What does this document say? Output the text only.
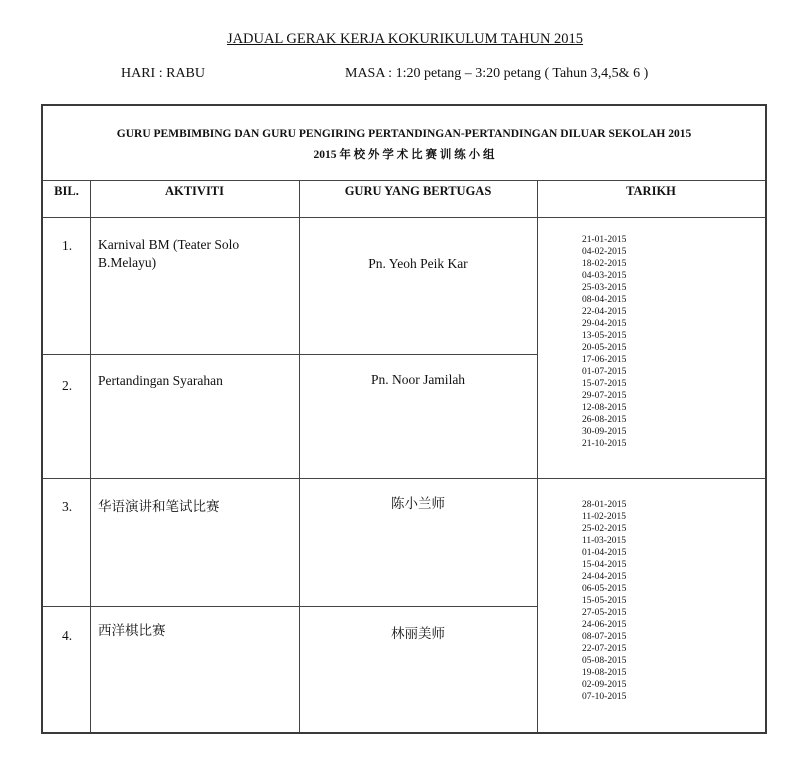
JADUAL GERAK KERJA KOKURIKULUM TAHUN 2015
HARI : RABU	MASA : 1:20 petang – 3:20 petang ( Tahun 3,4,5& 6 )
GURU PEMBIMBING DAN GURU PENGIRING PERTANDINGAN-PERTANDINGAN DILUAR SEKOLAH 2015
2015 年 校 外 学 术 比 赛 训 练 小 组
BIL.	AKTIVITI	GURU YANG BERTUGAS	TARIKH
1. Karnival BM (Teater Solo
B.Melayu)	Pn. Yeoh Peik Kar
2. Pertandingan Syarahan	Pn. Noor Jamilah
3. 华语演讲和笔试比赛	陈小兰师
4. 西洋棋比赛	林丽美师
21-01-2015
04-02-2015
18-02-2015
04-03-2015
25-03-2015
08-04-2015
22-04-2015
29-04-2015
13-05-2015
20-05-2015
17-06-2015
01-07-2015
15-07-2015
29-07-2015
12-08-2015
26-08-2015
30-09-2015
21-10-2015
28-01-2015
11-02-2015
25-02-2015
11-03-2015
01-04-2015
15-04-2015
24-04-2015
06-05-2015
15-05-2015
27-05-2015
24-06-2015
08-07-2015
22-07-2015
05-08-2015
19-08-2015
02-09-2015
07-10-2015
